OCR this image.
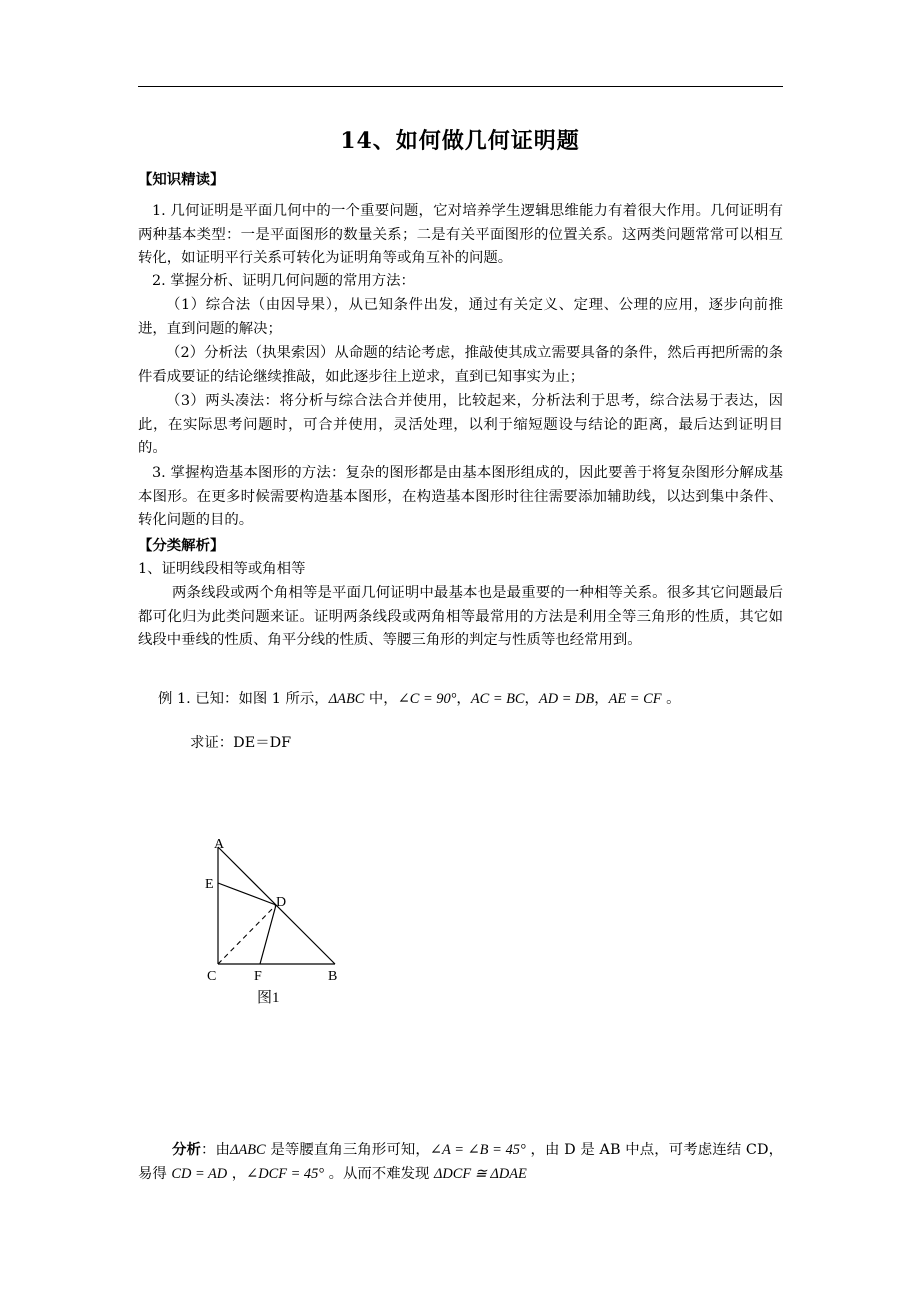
14、如何做几何证明题

【知识精读】

1. 几何证明是平面几何中的一个重要问题，它对培养学生逻辑思维能力有着很大作用。几何证明有两种基本类型：一是平面图形的数量关系；二是有关平面图形的位置关系。这两类问题常常可以相互转化，如证明平行关系可转化为证明角等或角互补的问题。

2. 掌握分析、证明几何问题的常用方法：

（1）综合法（由因导果），从已知条件出发，通过有关定义、定理、公理的应用，逐步向前推进，直到问题的解决；

（2）分析法（执果索因）从命题的结论考虑，推敲使其成立需要具备的条件，然后再把所需的条件看成要证的结论继续推敲，如此逐步往上逆求，直到已知事实为止；

（3）两头凑法：将分析与综合法合并使用，比较起来，分析法利于思考，综合法易于表达，因此，在实际思考问题时，可合并使用，灵活处理，以利于缩短题设与结论的距离，最后达到证明目的。

3. 掌握构造基本图形的方法：复杂的图形都是由基本图形组成的，因此要善于将复杂图形分解成基本图形。在更多时候需要构造基本图形，在构造基本图形时往往需要添加辅助线，以达到集中条件、转化问题的目的。

【分类解析】

1、证明线段相等或角相等

两条线段或两个角相等是平面几何证明中最基本也是最重要的一种相等关系。很多其它问题最后都可化归为此类问题来证。证明两条线段或两角相等最常用的方法是利用全等三角形的性质，其它如线段中垂线的性质、角平分线的性质、等腰三角形的判定与性质等也经常用到。

例 1. 已知：如图 1 所示，ΔABC 中，∠C = 90°，AC = BC，AD = DB，AE = CF 。

求证：DE＝DF

A
E
D
C	F	B
图1

分析：由ΔABC 是等腰直角三角形可知，∠A = ∠B = 45° ，由 D 是 AB 中点，可考虑连结 CD，易得 CD = AD ，∠DCF = 45° 。从而不难发现 ΔDCF ≅ ΔDAE
